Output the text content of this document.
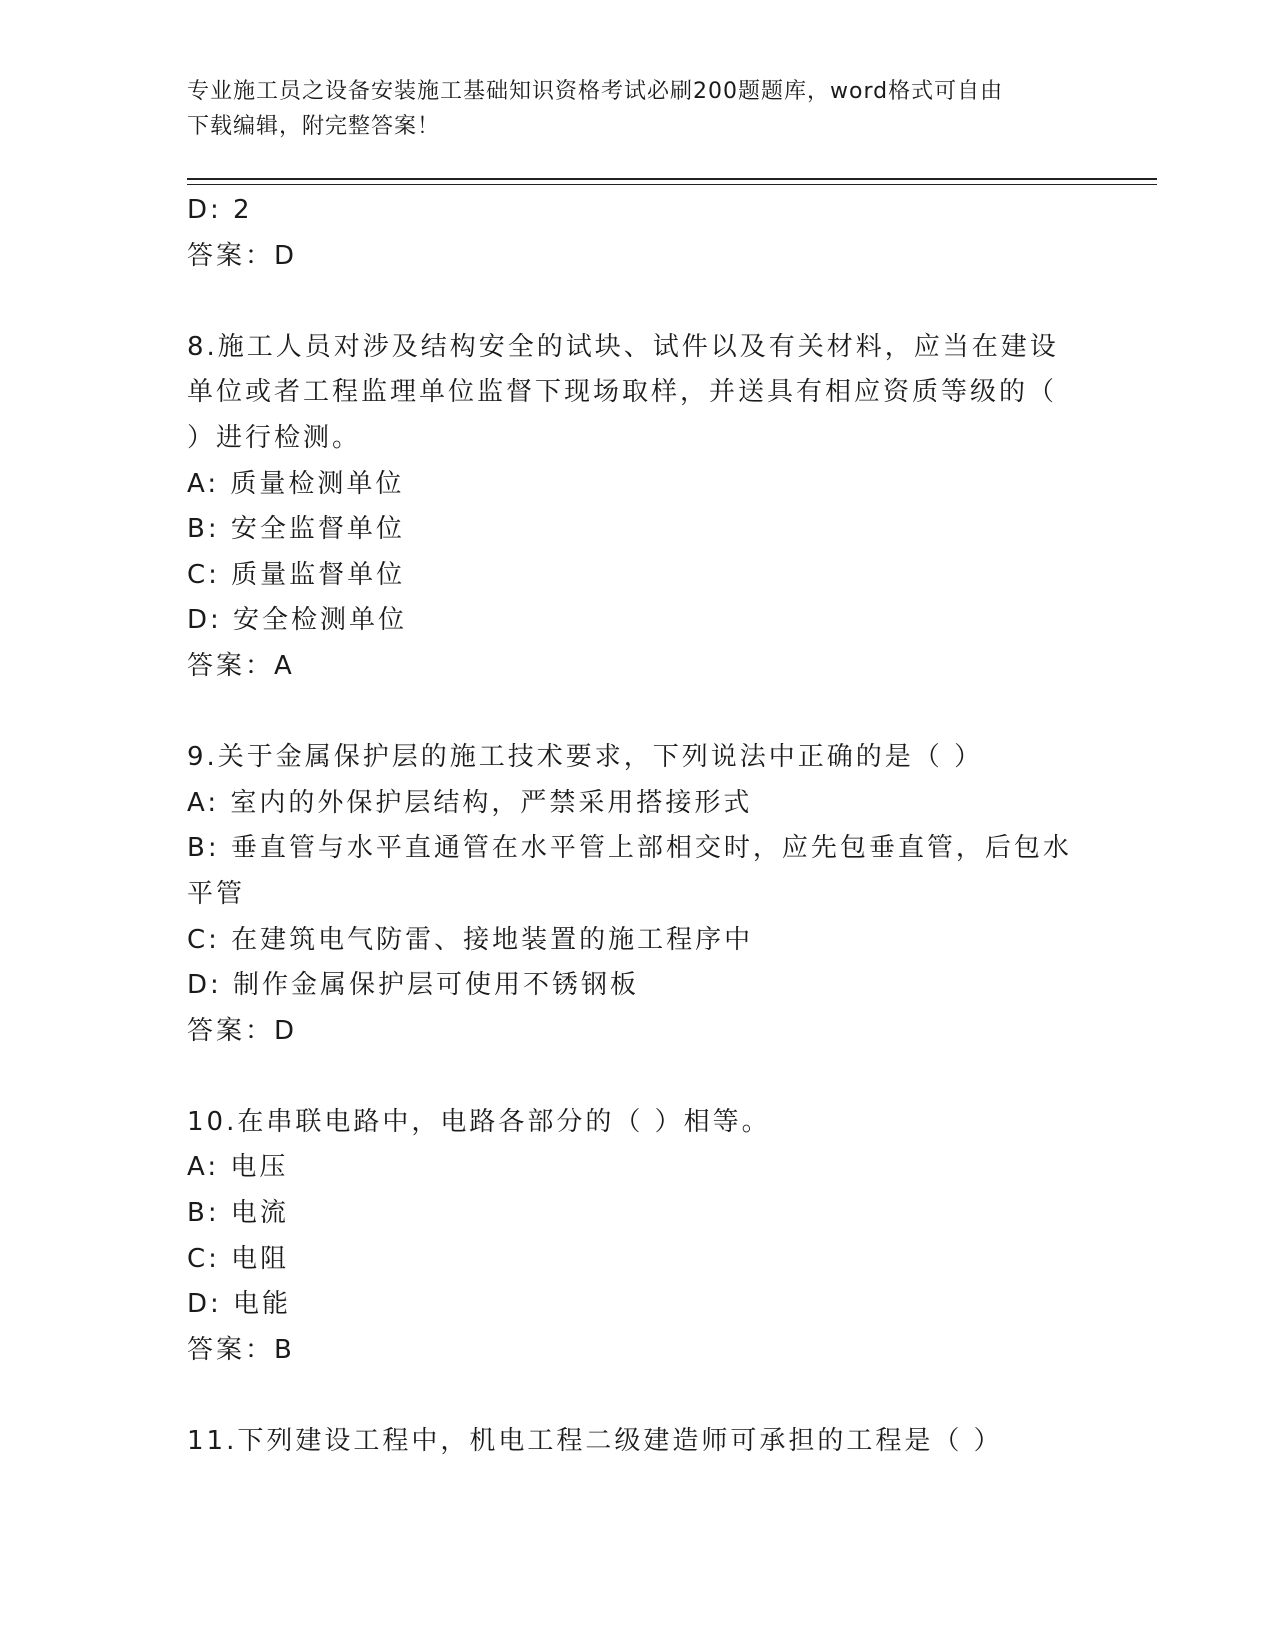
专业施工员之设备安装施工基础知识资格考试必刷200题题库，word格式可自由
下载编辑，附完整答案！
D: 2
答案：D
8.施工人员对涉及结构安全的试块、试件以及有关材料，应当在建设
单位或者工程监理单位监督下现场取样，并送具有相应资质等级的（
）进行检测。
A: 质量检测单位
B: 安全监督单位
C: 质量监督单位
D: 安全检测单位
答案：A
9.关于金属保护层的施工技术要求，下列说法中正确的是（ ）
A: 室内的外保护层结构，严禁采用搭接形式
B: 垂直管与水平直通管在水平管上部相交时，应先包垂直管，后包水
平管
C: 在建筑电气防雷、接地装置的施工程序中
D: 制作金属保护层可使用不锈钢板
答案：D
10.在串联电路中，电路各部分的（ ）相等。
A: 电压
B: 电流
C: 电阻
D: 电能
答案：B
11.下列建设工程中，机电工程二级建造师可承担的工程是（ ）
